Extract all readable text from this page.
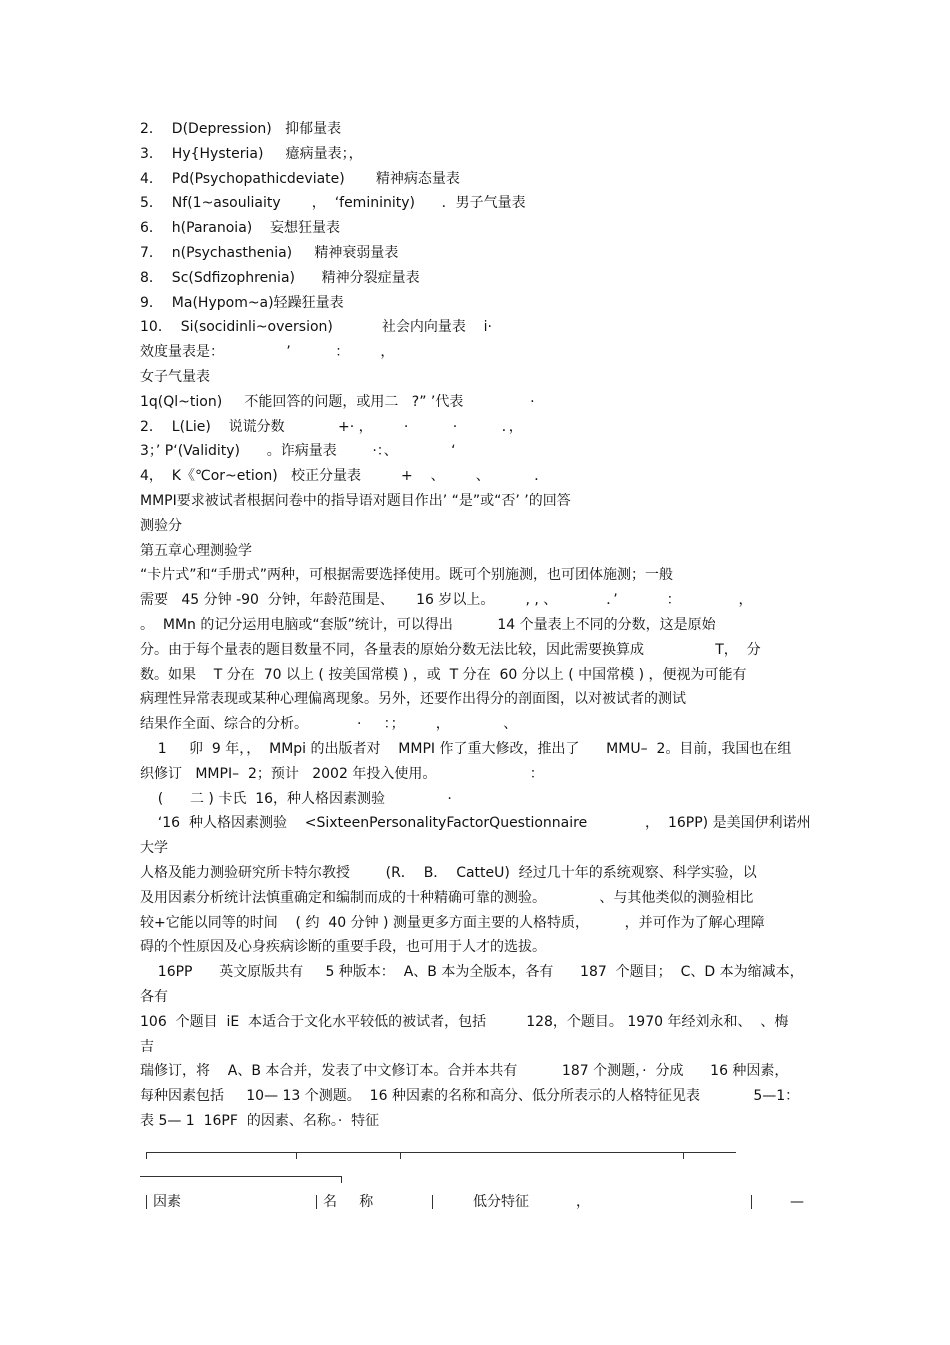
2．  D(Depression)   抑郁量表
3．  Hy{Hysteria)     癔病量表；，
4．  Pd(Psychopathicdeviate)       精神病态量表
5．  Nf(1~asouliaity       ，  ‘femininity)      ．男子气量表
6．  h(Paranoia)    妄想狂量表
7．  n(Psychasthenia)     精神衰弱量表
8．  Sc(Sdfizophrenia)      精神分裂症量表
9．  Ma(Hypom~a)轻躁狂量表
10．  Si(socidinli~oversion)           社会内向量表    i·
效度量表是：              ’          ：       ，
女子气量表
1q(Ql~tion)     不能回答的问题，或用二   ?” ’代表               ·
2．  L(Lie)    说谎分数            +· ，       ·          ·          ．，
3；’ P‘(Validity)      。诈病量表        ·：、            ‘
4，  K《℃or~etion)   校正分量表         +    、       、          ．
MMPI要求被试者根据问卷中的指导语对题目作出’ “是”或“否’ ’的回答
测验分
第五章心理测验学
“卡片式”和“手册式”两种，可根据需要选择使用。既可个别施测，也可团体施测；一般
需要   45 分钟 -90  分钟，年龄范围是、     16 岁以上。       , , 、           ．’           ：             ，
。  MMn 的记分运用电脑或“套版”统计，可以得出          14 个量表上不同的分数，这是原始
分。由于每个量表的题目数量不同，各量表的原始分数无法比较，因此需要换算成                T，  分
数。如果    T 分在  70 以上 ( 按美国常模 ) ，或  T 分在  60 分以上 ( 中国常模 ) ，便视为可能有
病理性异常表现或某种心理偏离现象。另外，还要作出得分的剖面图，以对被试者的测试
结果作全面、综合的分析。           ·     ：；       ，            、
1     卯  9 年，，  MMpi 的出版者对    MMPI 作了重大修改，推出了      MMU–  2。目前，我国也在组
织修订   MMPI–  2；预计   2002 年投入使用。                     ：
(      二 ) 卡氏  16，种人格因素测验              ·
‘16  种人格因素测验    <SixteenPersonalityFactorQuestionnaire             ，  16PP) 是美国伊利诺州
大学
人格及能力测验研究所卡特尔教授        (R．  B．  CatteU)  经过几十年的系统观察、科学实验，以
及用因素分析统计法慎重确定和编制而成的十种精确可靠的测验。            、与其他类似的测验相比
较+它能以同等的时间    ( 约  40 分钟 ) 测量更多方面主要的人格特质，        ，并可作为了解心理障
碍的个性原因及心身疾病诊断的重要手段，也可用于人才的选拔。
16PP      英文原版共有     5 种版本：  A、B 本为全版本，各有      187  个题目；  C、D 本为缩减本，
各有
106  个题目  iE  本适合于文化水平较低的被试者，包括         128，个题目。 1970 年经刘永和、  、梅
吉
瑞修订，将    A、B 本合并，发表了中文修订本。合并本共有          187 个测题，·  分成      16 种因素，
每种因素包括     10— 13 个测题。  16 种因素的名称和高分、低分所表示的人格特征见表            5—1：
表 5— 1  16PF  的因素、名称。·  特征
因素	名     称	低分特征	，	—
